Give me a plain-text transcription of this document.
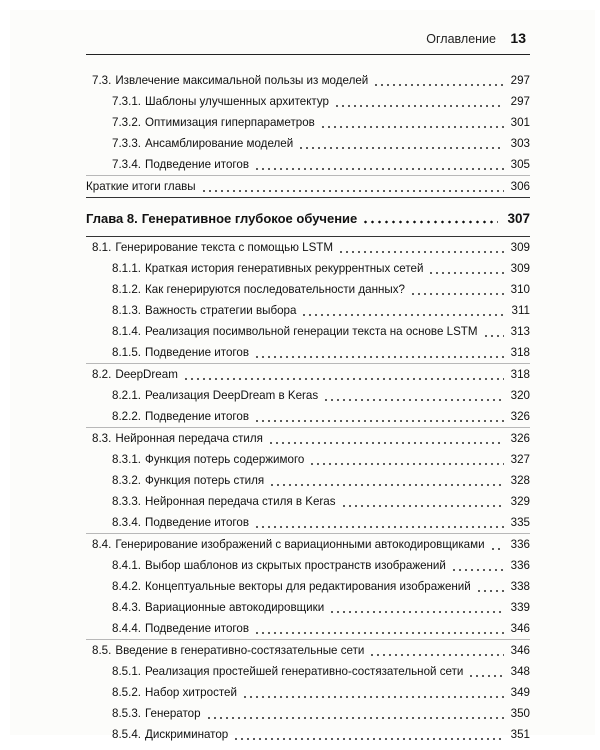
Оглавление 13
7.3. Извлечение максимальной пользы из моделей	297
7.3.1. Шаблоны улучшенных архитектур	297
7.3.2. Оптимизация гиперпараметров	301
7.3.3. Ансамблирование моделей	303
7.3.4. Подведение итогов	305
Краткие итоги главы	306
Глава 8. Генеративное глубокое обучение	307
8.1. Генерирование текста с помощью LSTM	309
8.1.1. Краткая история генеративных рекуррентных сетей	309
8.1.2. Как генерируются последовательности данных?	310
8.1.3. Важность стратегии выбора	311
8.1.4. Реализация посимвольной генерации текста на основе LSTM	313
8.1.5. Подведение итогов	318
8.2. DeepDream	318
8.2.1. Реализация DeepDream в Keras	320
8.2.2. Подведение итогов	326
8.3. Нейронная передача стиля	326
8.3.1. Функция потерь содержимого	327
8.3.2. Функция потерь стиля	328
8.3.3. Нейронная передача стиля в Keras	329
8.3.4. Подведение итогов	335
8.4. Генерирование изображений с вариационными автокодировщиками 336
8.4.1. Выбор шаблонов из скрытых пространств изображений	336
8.4.2. Концептуальные векторы для редактирования изображений	338
8.4.3. Вариационные автокодировщики	339
8.4.4. Подведение итогов	346
8.5. Введение в генеративно-состязательные сети	346
8.5.1. Реализация простейшей генеративно-состязательной сети	348
8.5.2. Набор хитростей	349
8.5.3. Генератор	350
8.5.4. Дискриминатор	351
